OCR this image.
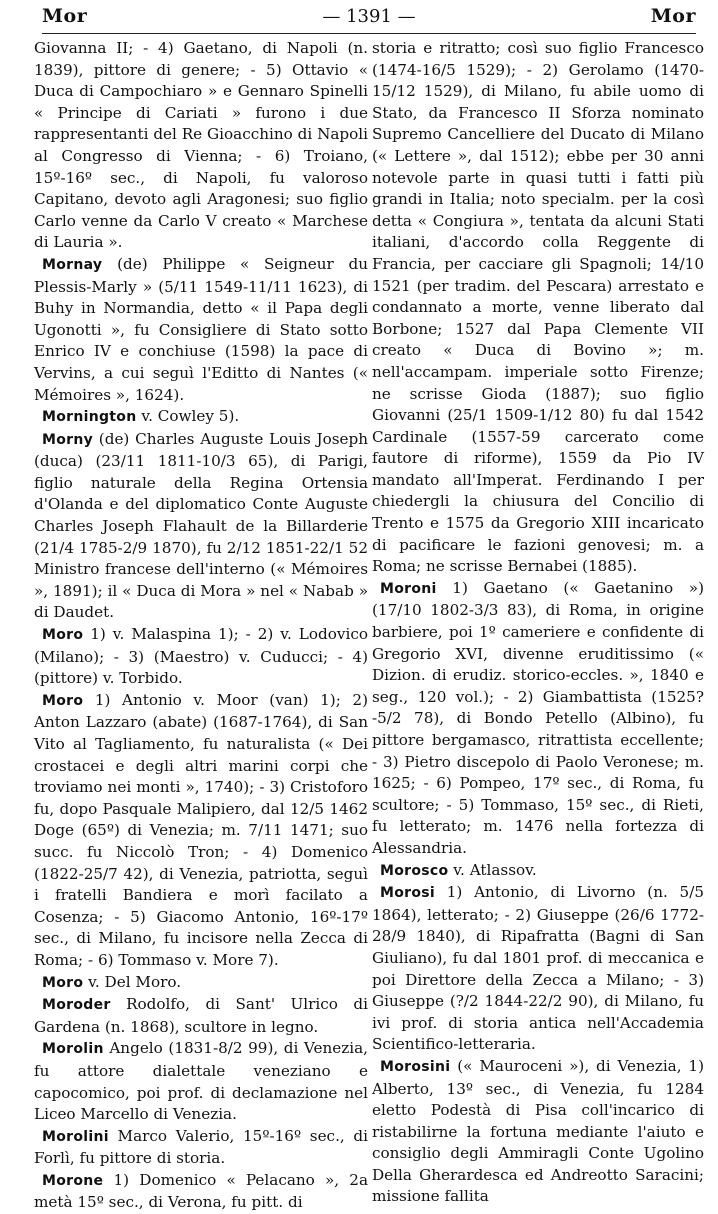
Mor	— 1391 —	Mor

Giovanna II; - 4) Gaetano, di Napoli (n. 1839), pittore di genere; - 5) Ottavio « Duca di Campochiaro » e Gennaro Spinelli « Principe di Cariati » furono i due rappresentanti del Re Gioacchino di Napoli al Congresso di Vienna; - 6) Troiano, 15º-16º sec., di Napoli, fu valoroso Capitano, devoto agli Aragonesi; suo figlio Carlo venne da Carlo V creato « Marchese di Lauria ».

Mornay (de) Philippe « Seigneur du Plessis-Marly » (5/11 1549-11/11 1623), di Buhy in Normandia, detto « il Papa degli Ugonotti », fu Consigliere di Stato sotto Enrico IV e conchiuse (1598) la pace di Vervins, a cui seguì l'Editto di Nantes (« Mémoires », 1624).

Mornington v. Cowley 5).

Morny (de) Charles Auguste Louis Joseph (duca) (23/11 1811-10/3 65), di Parigi, figlio naturale della Regina Ortensia d'Olanda e del diplomatico Conte Auguste Charles Joseph Flahault de la Billarderie (21/4 1785-2/9 1870), fu 2/12 1851-22/1 52 Ministro francese dell'interno (« Mémoires », 1891); il « Duca di Mora » nel « Nabab » di Daudet.

Moro 1) v. Malaspina 1); - 2) v. Lodovico (Milano); - 3) (Maestro) v. Cuducci; - 4) (pittore) v. Torbido.

Moro 1) Antonio v. Moor (van) 1); 2) Anton Lazzaro (abate) (1687-1764), di San Vito al Tagliamento, fu naturalista (« Dei crostacei e degli altri marini corpi che troviamo nei monti », 1740); - 3) Cristoforo fu, dopo Pasquale Malipiero, dal 12/5 1462 Doge (65º) di Venezia; m. 7/11 1471; suo succ. fu Niccolò Tron; - 4) Domenico (1822-25/7 42), di Venezia, patriotta, seguì i fratelli Bandiera e morì facilato a Cosenza; - 5) Giacomo Antonio, 16º-17º sec., di Milano, fu incisore nella Zecca di Roma; - 6) Tommaso v. More 7).

Moro v. Del Moro.

Moroder Rodolfo, di Sant' Ulrico di Gardena (n. 1868), scultore in legno.

Morolin Angelo (1831-8/2 99), di Venezia, fu attore dialettale veneziano e capocomico, poi prof. di declamazione nel Liceo Marcello di Venezia.

Morolini Marco Valerio, 15º-16º sec., di Forlì, fu pittore di storia.

Morone 1) Domenico « Pelacano », 2a metà 15º sec., di Verona, fu pitt. di

storia e ritratto; così suo figlio Francesco (1474-16/5 1529); - 2) Gerolamo (1470-15/12 1529), di Milano, fu abile uomo di Stato, da Francesco II Sforza nominato Supremo Cancelliere del Ducato di Milano (« Lettere », dal 1512); ebbe per 30 anni notevole parte in quasi tutti i fatti più grandi in Italia; noto specialm. per la così detta « Congiura », tentata da alcuni Stati italiani, d'accordo colla Reggente di Francia, per cacciare gli Spagnoli; 14/10 1521 (per tradim. del Pescara) arrestato e condannato a morte, venne liberato dal Borbone; 1527 dal Papa Clemente VII creato « Duca di Bovino »; m. nell'accampam. imperiale sotto Firenze; ne scrisse Gioda (1887); suo figlio Giovanni (25/1 1509-1/12 80) fu dal 1542 Cardinale (1557-59 carcerato come fautore di riforme), 1559 da Pio IV mandato all'Imperat. Ferdinando I per chiedergli la chiusura del Concilio di Trento e 1575 da Gregorio XIII incaricato di pacificare le fazioni genovesi; m. a Roma; ne scrisse Bernabei (1885).

Moroni 1) Gaetano (« Gaetanino ») (17/10 1802-3/3 83), di Roma, in origine barbiere, poi 1º cameriere e confidente di Gregorio XVI, divenne eruditissimo (« Dizion. di erudiz. storico-eccles. », 1840 e seg., 120 vol.); - 2) Giambattista (1525?-5/2 78), di Bondo Petello (Albino), fu pittore bergamasco, ritrattista eccellente; - 3) Pietro discepolo di Paolo Veronese; m. 1625; - 6) Pompeo, 17º sec., di Roma, fu scultore; - 5) Tommaso, 15º sec., di Rieti, fu letterato; m. 1476 nella fortezza di Alessandria.

Moroscо v. Atlassov.

Morosi 1) Antonio, di Livorno (n. 5/5 1864), letterato; - 2) Giuseppe (26/6 1772-28/9 1840), di Ripafratta (Bagni di San Giuliano), fu dal 1801 prof. di meccanica e poi Direttore della Zecca a Milano; - 3) Giuseppe (?/2 1844-22/2 90), di Milano, fu ivi prof. di storia antica nell'Accademia Scientifico-letteraria.

Morosini (« Mauroceni »), di Venezia, 1) Alberto, 13º sec., di Venezia, fu 1284 eletto Podestà di Pisa coll'incarico di ristabilirne la fortuna mediante l'aiuto e consiglio degli Ammiragli Conte Ugolino Della Gherardesca ed Andreotto Saracini; missione fallita
